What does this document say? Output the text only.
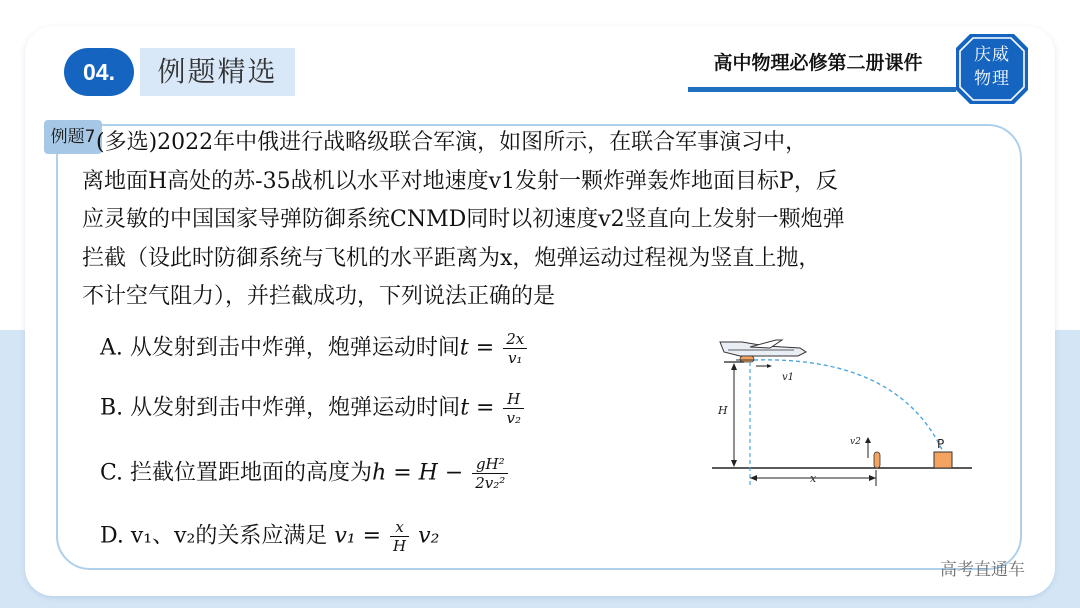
04.	例题精选	高中物理必修第二册课件	庆威
物理
例题7 (多选)2022年中俄进行战略级联合军演，如图所示，在联合军事演习中，

离地面H高处的苏-35战机以水平对地速度v1发射一颗炸弹轰炸地面目标P，反

应灵敏的中国国家导弹防御系统CNMD同时以初速度v2竖直向上发射一颗炮弹

拦截（设此时防御系统与飞机的水平距离为x，炮弹运动过程视为竖直上抛，

不计空气阻力），并拦截成功，下列说法正确的是

A. 从发射到击中炸弹，炮弹运动时间$t = \frac{2x}{\text{v₁}}$
B. 从发射到击中炸弹，炮弹运动时间$t = \frac{H}{\text{v₂}}$
C. 拦截位置距地面的高度为$h = H - \frac{\text{gH²}}{\text{2v₂²}}$
D. v₁、v₂的关系应满足 $v_1 = \frac{x}{H} v_2$
v1
H
v2	P
x
高考直通车
